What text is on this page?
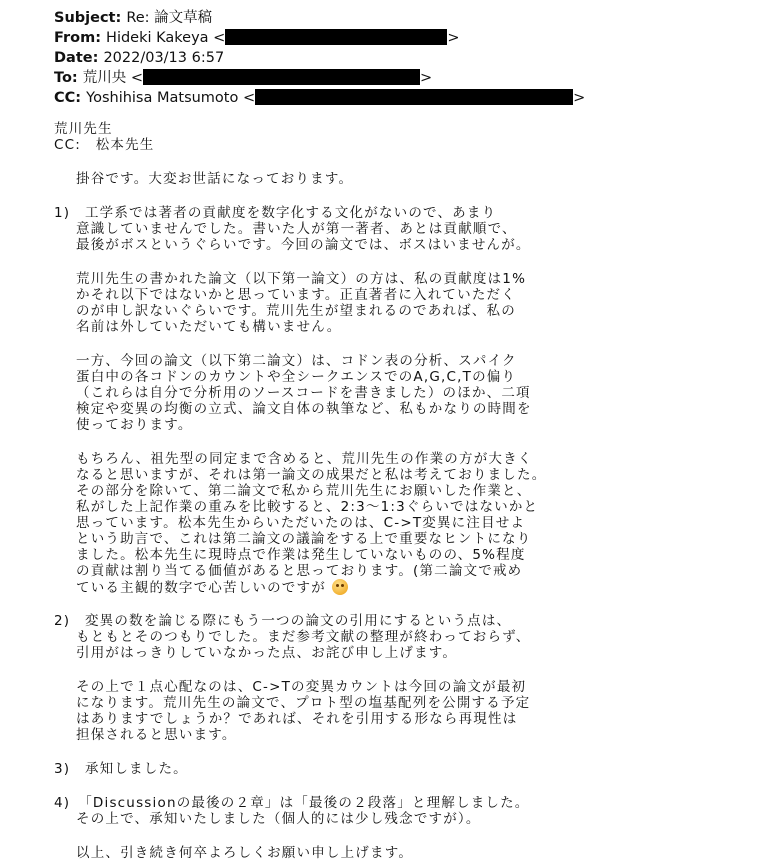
Subject: Re: 論文草稿
From: Hideki Kakeya <	>
Date: 2022/03/13 6:57
To: 荒川央 <	>
CC: Yoshihisa Matsumoto <	>
荒川先生
CC:　松本先生
掛谷です。大変お世話になっております。
1)　工学系では著者の貢献度を数字化する文化がないので、あまり
意識していませんでした。書いた人が第一著者、あとは貢献順で、
最後がボスというぐらいです。今回の論文では、ボスはいませんが。
荒川先生の書かれた論文（以下第一論文）の方は、私の貢献度は1%
かそれ以下ではないかと思っています。正直著者に入れていただく
のが申し訳ないぐらいです。荒川先生が望まれるのであれば、私の
名前は外していただいても構いません。
一方、今回の論文（以下第二論文）は、コドン表の分析、スパイク
蛋白中の各コドンのカウントや全シークエンスでのA,G,C,Tの偏り
（これらは自分で分析用のソースコードを書きました）のほか、二項
検定や変異の均衡の立式、論文自体の執筆など、私もかなりの時間を
使っております。
もちろん、祖先型の同定まで含めると、荒川先生の作業の方が大きく
なると思いますが、それは第一論文の成果だと私は考えておりました。
その部分を除いて、第二論文で私から荒川先生にお願いした作業と、
私がした上記作業の重みを比較すると、2:3～1:3ぐらいではないかと
思っています。松本先生からいただいたのは、C->T変異に注目せよ
という助言で、これは第二論文の議論をする上で重要なヒントになり
ました。松本先生に現時点で作業は発生していないものの、5%程度
の貢献は割り当てる価値があると思っております。(第二論文で戒め
ている主観的数字で心苦しいのですが
2)　変異の数を論じる際にもう一つの論文の引用にするという点は、
もともとそのつもりでした。まだ参考文献の整理が終わっておらず、
引用がはっきりしていなかった点、お詫び申し上げます。
その上で１点心配なのは、C->Tの変異カウントは今回の論文が最初
になります。荒川先生の論文で、プロト型の塩基配列を公開する予定
はありますでしょうか？であれば、それを引用する形なら再現性は
担保されると思います。
3)　承知しました。
4)　「Discussionの最後の２章」は「最後の２段落」と理解しました。
その上で、承知いたしました（個人的には少し残念ですが）。
以上、引き続き何卒よろしくお願い申し上げます。
